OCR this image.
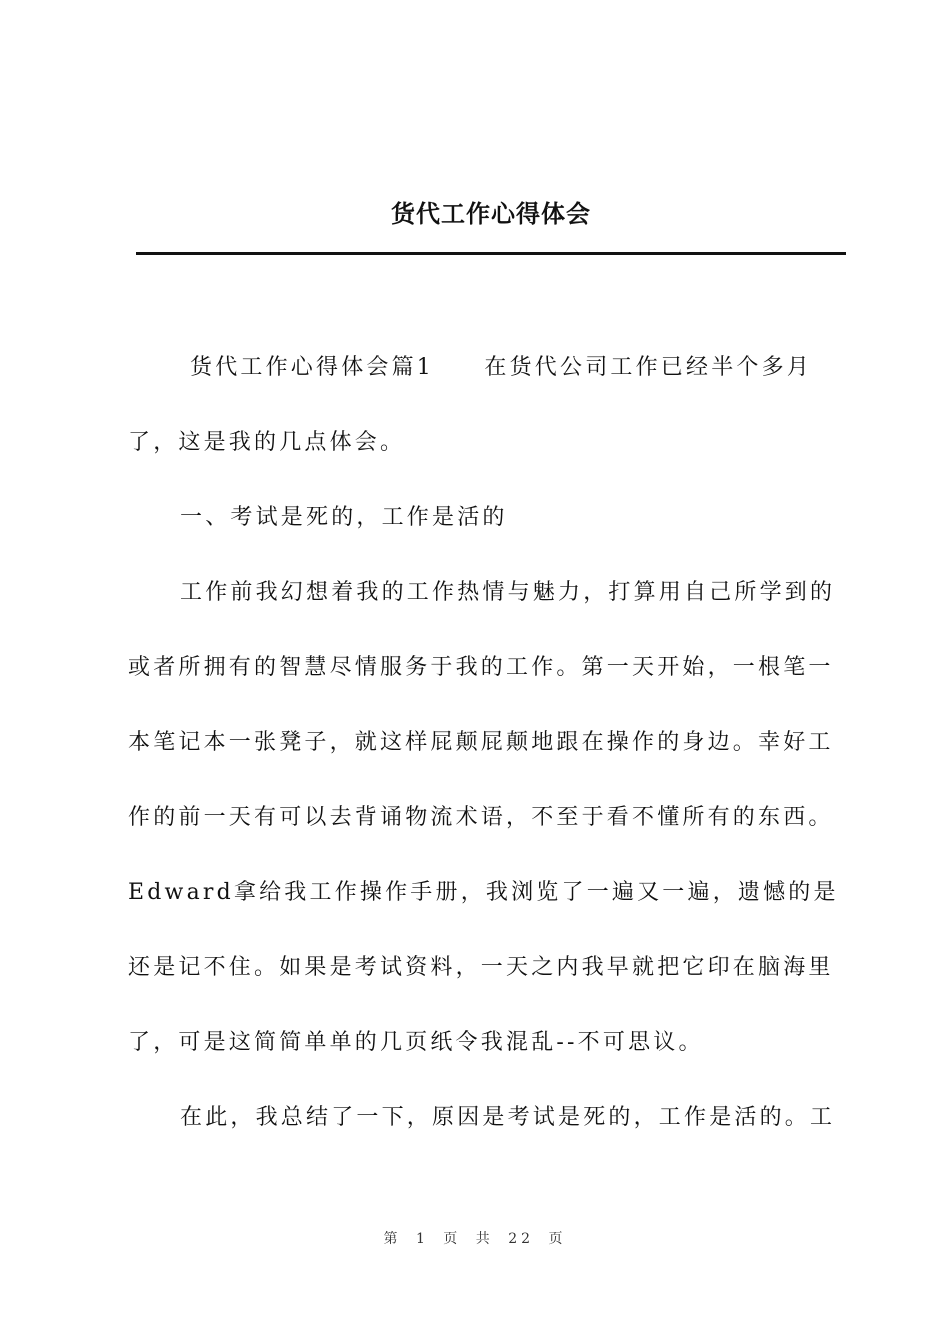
货代工作心得体会
货代工作心得体会篇1　　在货代公司工作已经半个多月
了，这是我的几点体会。
一、考试是死的，工作是活的
工作前我幻想着我的工作热情与魅力，打算用自己所学到的
或者所拥有的智慧尽情服务于我的工作。第一天开始，一根笔一
本笔记本一张凳子，就这样屁颠屁颠地跟在操作的身边。幸好工
作的前一天有可以去背诵物流术语，不至于看不懂所有的东西。
Edward拿给我工作操作手册，我浏览了一遍又一遍，遗憾的是
还是记不住。如果是考试资料，一天之内我早就把它印在脑海里
了，可是这简简单单的几页纸令我混乱--不可思议。
在此，我总结了一下，原因是考试是死的，工作是活的。工
第 1 页 共 22 页
